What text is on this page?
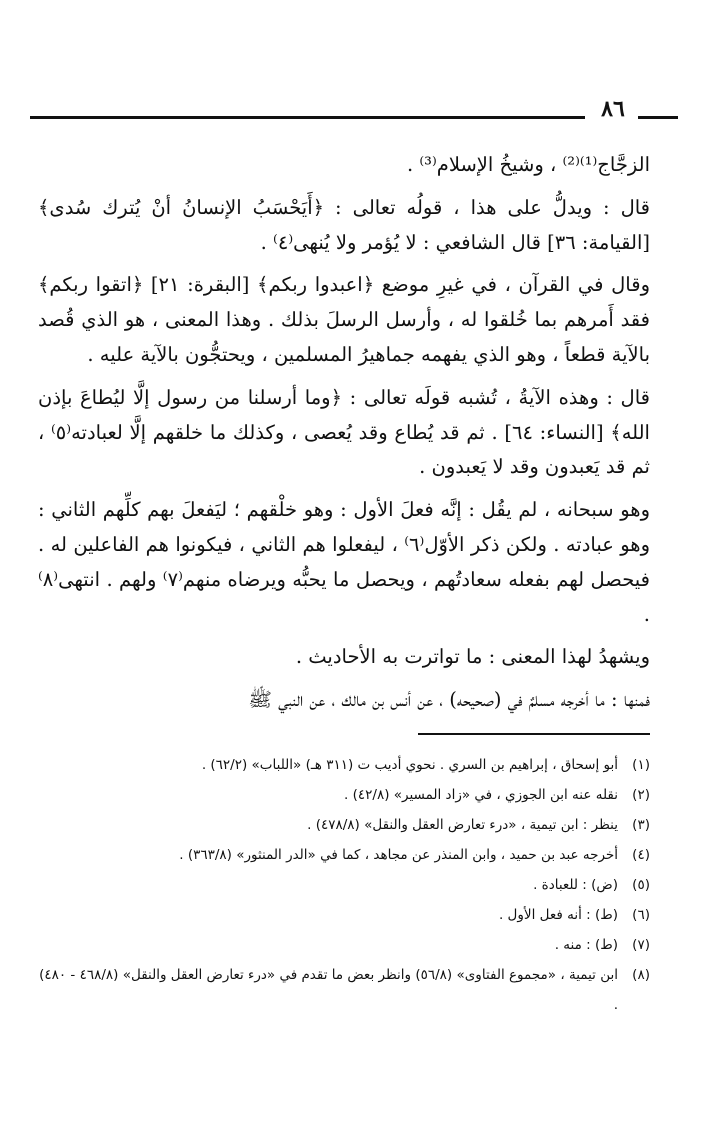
٨٦

الزجَّاج⁽¹⁾⁽²⁾ ، وشيخُ الإسلام⁽³⁾ .

قال : ويدلُّ على هذا ، قولُه تعالى : ﴿أَيَحْسَبُ الإنسانُ أنْ يُترك سُدى﴾ [القيامة: ٣٦] قال الشافعي : لا يُؤمر ولا يُنهى⁽٤⁾ .

وقال في القرآن ، في غيرِ موضع ﴿اعبدوا ربكم﴾ [البقرة: ٢١] ﴿اتقوا ربكم﴾ فقد أَمرهم بما خُلقوا له ، وأرسل الرسلَ بذلك . وهذا المعنى ، هو الذي قُصد بالآية قطعاً ، وهو الذي يفهمه جماهيرُ المسلمين ، ويحتجُّون بالآية عليه .

قال : وهذه الآيةُ ، تُشبه قولَه تعالى : ﴿وما أرسلنا من رسول إلَّا ليُطاعَ بإذن الله﴾ [النساء: ٦٤] . ثم قد يُطاع وقد يُعصى ، وكذلك ما خلقهم إلَّا لعبادته⁽٥⁾ ، ثم قد يَعبدون وقد لا يَعبدون .

وهو سبحانه ، لم يقُل : إنَّه فعلَ الأول : وهو خلْقهم ؛ ليَفعلَ بهم كلِّهم الثاني : وهو عبادته . ولكن ذكر الأوّل⁽٦⁾ ، ليفعلوا هم الثاني ، فيكونوا هم الفاعلين له . فيحصل لهم بفعله سعادتُهم ، ويحصل ما يحبُّه ويرضاه منهم⁽٧⁾ ولهم . انتهى⁽٨⁾ .

ويشهدُ لهذا المعنى : ما تواترت به الأحاديث .

فمنها : ما أخرجه مسلمٌ في (صحيحه) ، عن أنس بن مالك ، عن النبي ﷺ

(١)
أبو إسحاق ، إبراهيم بن السري . نحوي أديب ت (٣١١ هـ) «اللباب» (٦٢/٢) .
(٢)
نقله عنه ابن الجوزي ، في «زاد المسير» (٤٢/٨) .
(٣)
ينظر : ابن تيمية ، «درء تعارض العقل والنقل» (٤٧٨/٨) .
(٤)
أخرجه عبد بن حميد ، وابن المنذر عن مجاهد ، كما في «الدر المنثور» (٣٦٣/٨) .
(٥)
(ض) : للعبادة .
(٦)
(ط) : أنه فعل الأول .
(٧)
(ط) : منه .
(٨)
ابن تيمية ، «مجموع الفتاوى» (٥٦/٨) وانظر بعض ما تقدم في «درء تعارض العقل والنقل» (٤٦٨/٨ - ٤٨٠) .
